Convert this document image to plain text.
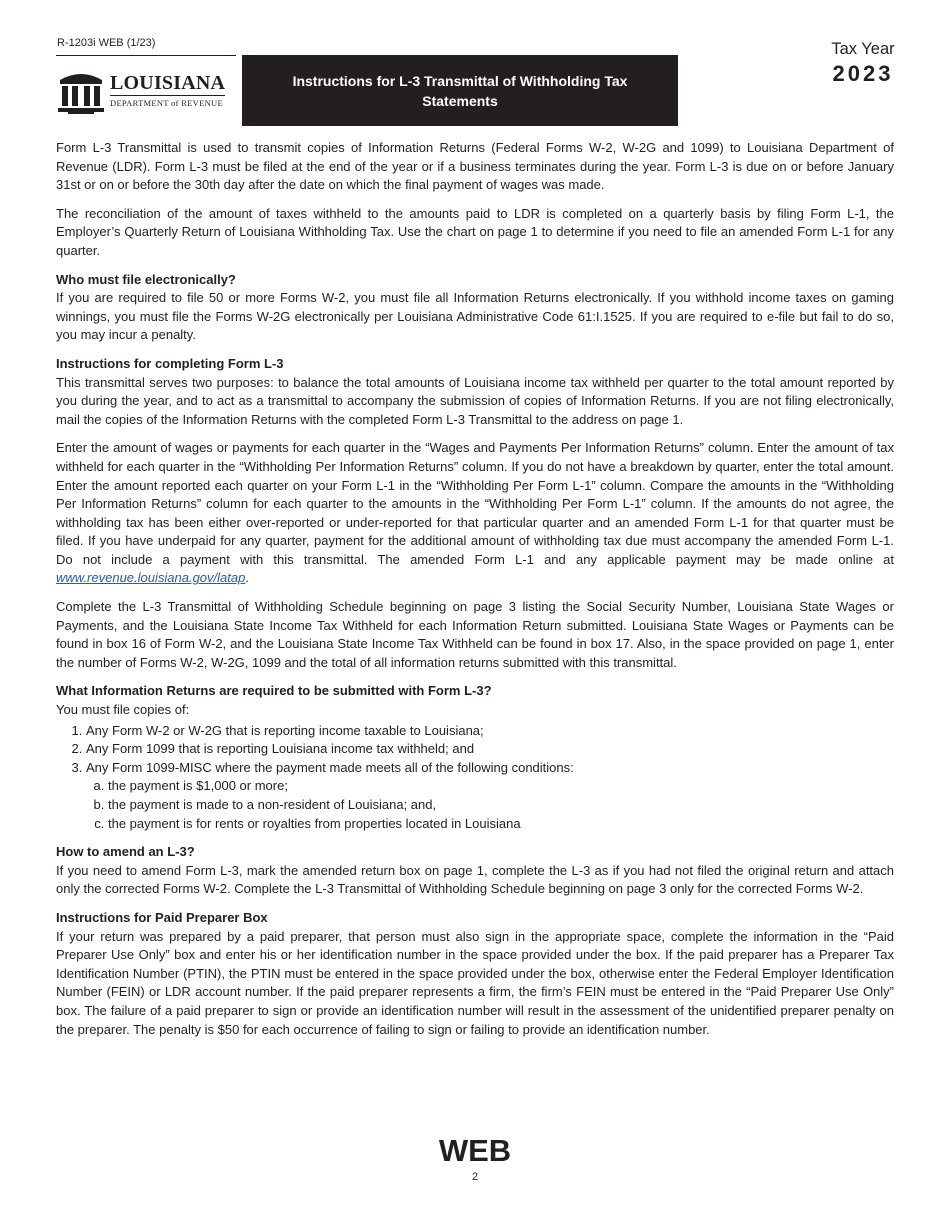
R-1203i WEB (1/23)
LOUISIANA
DEPARTMENT of REVENUE
Instructions for L-3 Transmittal of Withholding Tax Statements
Tax Year
2023

Form L-3 Transmittal is used to transmit copies of Information Returns (Federal Forms W-2, W-2G and 1099) to Louisiana Department of Revenue (LDR). Form L-3 must be filed at the end of the year or if a business terminates during the year. Form L-3 is due on or before January 31st or on or before the 30th day after the date on which the final payment of wages was made.

The reconciliation of the amount of taxes withheld to the amounts paid to LDR is completed on a quarterly basis by filing Form L-1, the Employer’s Quarterly Return of Louisiana Withholding Tax. Use the chart on page 1 to determine if you need to file an amended Form L-1 for any quarter.

Who must file electronically?

If you are required to file 50 or more Forms W-2, you must file all Information Returns electronically. If you withhold income taxes on gaming winnings, you must file the Forms W-2G electronically per Louisiana Administrative Code 61:I.1525. If you are required to e-file but fail to do so, you may incur a penalty.

Instructions for completing Form L-3

This transmittal serves two purposes: to balance the total amounts of Louisiana income tax withheld per quarter to the total amount reported by you during the year, and to act as a transmittal to accompany the submission of copies of Information Returns. If you are not filing electronically, mail the copies of the Information Returns with the completed Form L-3 Transmittal to the address on page 1.

Enter the amount of wages or payments for each quarter in the “Wages and Payments Per Information Returns” column. Enter the amount of tax withheld for each quarter in the “Withholding Per Information Returns” column. If you do not have a breakdown by quarter, enter the total amount. Enter the amount reported each quarter on your Form L-1 in the “Withholding Per Form L-1” column. Compare the amounts in the “Withholding Per Information Returns” column for each quarter to the amounts in the “Withholding Per Form L-1” column. If the amounts do not agree, the withholding tax has been either over-reported or under-reported for that particular quarter and an amended Form L-1 for that quarter must be filed. If you have underpaid for any quarter, payment for the additional amount of withholding tax due must accompany the amended Form L-1. Do not include a payment with this transmittal. The amended Form L-1 and any applicable payment may be made online at www.revenue.louisiana.gov/latap.

Complete the L-3 Transmittal of Withholding Schedule beginning on page 3 listing the Social Security Number, Louisiana State Wages or Payments, and the Louisiana State Income Tax Withheld for each Information Return submitted. Louisiana State Wages or Payments can be found in box 16 of Form W-2, and the Louisiana State Income Tax Withheld can be found in box 17. Also, in the space provided on page 1, enter the number of Forms W-2, W-2G, 1099 and the total of all information returns submitted with this transmittal.

What Information Returns are required to be submitted with Form L-3?

You must file copies of:

1. Any Form W-2 or W-2G that is reporting income taxable to Louisiana;
2. Any Form 1099 that is reporting Louisiana income tax withheld; and
3. Any Form 1099-MISC where the payment made meets all of the following conditions:
a. the payment is $1,000 or more;
b. the payment is made to a non-resident of Louisiana; and,
c. the payment is for rents or royalties from properties located in Louisiana
How to amend an L-3?

If you need to amend Form L-3, mark the amended return box on page 1, complete the L-3 as if you had not filed the original return and attach only the corrected Forms W-2. Complete the L-3 Transmittal of Withholding Schedule beginning on page 3 only for the corrected Forms W-2.

Instructions for Paid Preparer Box

If your return was prepared by a paid preparer, that person must also sign in the appropriate space, complete the information in the “Paid Preparer Use Only” box and enter his or her identification number in the space provided under the box. If the paid preparer has a Preparer Tax Identification Number (PTIN), the PTIN must be entered in the space provided under the box, otherwise enter the Federal Employer Identification Number (FEIN) or LDR account number. If the paid preparer represents a firm, the firm’s FEIN must be entered in the “Paid Preparer Use Only” box. The failure of a paid preparer to sign or provide an identification number will result in the assessment of the unidentified preparer penalty on the preparer. The penalty is $50 for each occurrence of failing to sign or failing to provide an identification number.

WEB
2
